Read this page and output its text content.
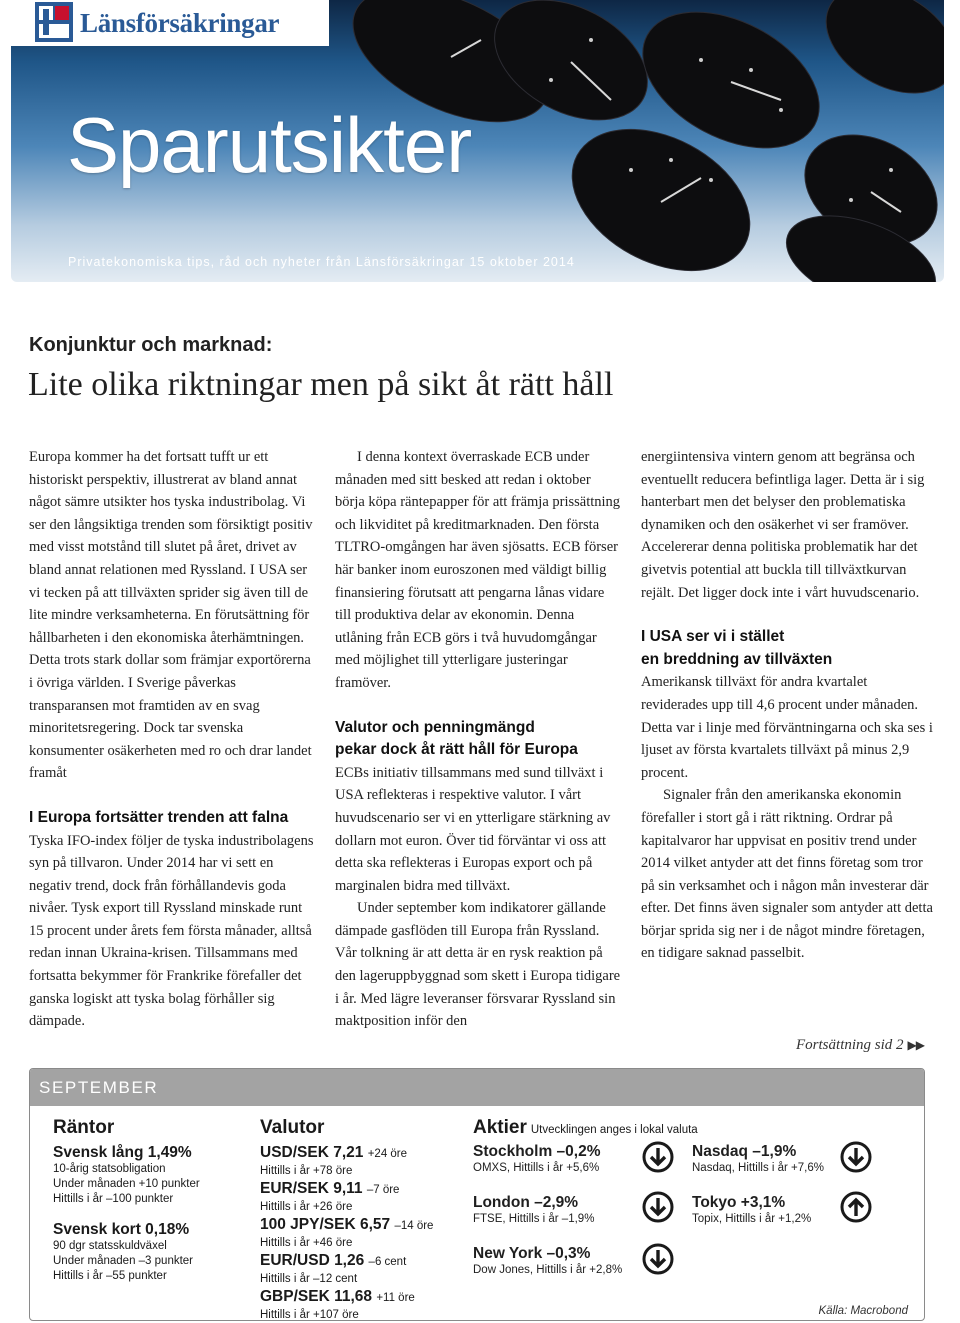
Länsförsäkringar
Sparutsikter
Privatekonomiska tips, råd och nyheter från Länsförsäkringar 15 oktober 2014
Konjunktur och marknad:
Lite olika riktningar men på sikt åt rätt håll

Europa kommer ha det fortsatt tufft ur ett historiskt perspektiv, illustrerat av bland annat något sämre utsikter hos tyska industribolag. Vi ser den långsiktiga trenden som försiktigt positiv med visst motstånd till slutet på året, drivet av bland annat relationen med Ryssland. I USA ser vi tecken på att tillväxten sprider sig även till de lite mindre verksamheterna. En förutsättning för hållbarheten i den ekonomiska återhämtningen. Detta trots stark dollar som främjar exportörerna i övriga världen. I Sverige påverkas transparansen mot framtiden av en svag minoritetsregering. Dock tar svenska konsumenter osäkerheten med ro och drar landet framåt

I Europa fortsätter trenden att falna

Tyska IFO-index följer de tyska industribolagens syn på tillvaron. Under 2014 har vi sett en negativ trend, dock från förhållandevis goda nivåer. Tysk export till Ryssland minskade runt 15 procent under årets fem första månader, alltså redan innan Ukraina-krisen. Tillsammans med fortsatta bekymmer för Frankrike förefaller det ganska logiskt att tyska bolag förhåller sig dämpade.

I denna kontext överraskade ECB under månaden med sitt besked att redan i oktober börja köpa räntepapper för att främja prissättning och likviditet på kreditmarknaden. Den första TLTRO-omgången har även sjösatts. ECB förser här banker inom euroszonen med väldigt billig finansiering förutsatt att pengarna lånas vidare till produktiva delar av ekonomin. Denna utlåning från ECB görs i två huvudomgångar med möjlighet till ytterligare justeringar framöver.

Valutor och penningmängd
pekar dock åt rätt håll för Europa

ECBs initiativ tillsammans med sund tillväxt i USA reflekteras i respektive valutor. I vårt huvudscenario ser vi en ytterligare stärkning av dollarn mot euron. Över tid förväntar vi oss att detta ska reflekteras i Europas export och på marginalen bidra med tillväxt.

Under september kom indikatorer gällande dämpade gasflöden till Europa från Ryssland. Vår tolkning är att detta är en rysk reaktion på den lageruppbyggnad som skett i Europa tidigare i år. Med lägre leveranser försvarar Ryssland sin maktposition inför den

energiintensiva vintern genom att begränsa och eventuellt reducera befintliga lager. Detta är i sig hanterbart men det belyser den problematiska dynamiken och den osäkerhet vi ser framöver. Accelererar denna politiska problematik har det givetvis potential att buckla till tillväxtkurvan rejält. Det ligger dock inte i vårt huvudscenario.

I USA ser vi i stället
en breddning av tillväxten

Amerikansk tillväxt för andra kvartalet reviderades upp till 4,6 procent under månaden. Detta var i linje med förväntningarna och ska ses i ljuset av första kvartalets tillväxt på minus 2,9 procent.

Signaler från den amerikanska ekonomin förefaller i stort gå i rätt riktning. Ordrar på kapitalvaror har uppvisat en positiv trend under 2014 vilket antyder att det finns företag som tror på sin verksamhet och i någon mån investerar där efter. Det finns även signaler som antyder att detta börjar sprida sig ner i de något mindre företagen, en tidigare saknad passelbit.

Fortsättning sid 2 ▶▶
SEPTEMBER
Räntor
Svensk lång 1,49%
10-årig statsobligation
Under månaden +10 punkter
Hittills i år –100 punkter
Svensk kort 0,18%
90 dgr statsskuldväxel
Under månaden –3 punkter
Hittills i år –55 punkter
Valutor
USD/SEK 7,21 +24 öre
Hittills i år +78 öre
EUR/SEK 9,11 –7 öre
Hittills i år +26 öre
100 JPY/SEK 6,57 –14 öre
Hittills i år +46 öre
EUR/USD 1,26 –6 cent
Hittills i år –12 cent
GBP/SEK 11,68 +11 öre
Hittills i år +107 öre
Aktier Utvecklingen anges i lokal valuta
Stockholm –0,2%
OMXS, Hittills i år +5,6%
London –2,9%
FTSE, Hittills i år –1,9%
New York –0,3%
Dow Jones, Hittills i år +2,8%
Nasdaq –1,9%
Nasdaq, Hittills i år +7,6%
Tokyo +3,1%
Topix, Hittills i år +1,2%
Källa: Macrobond
